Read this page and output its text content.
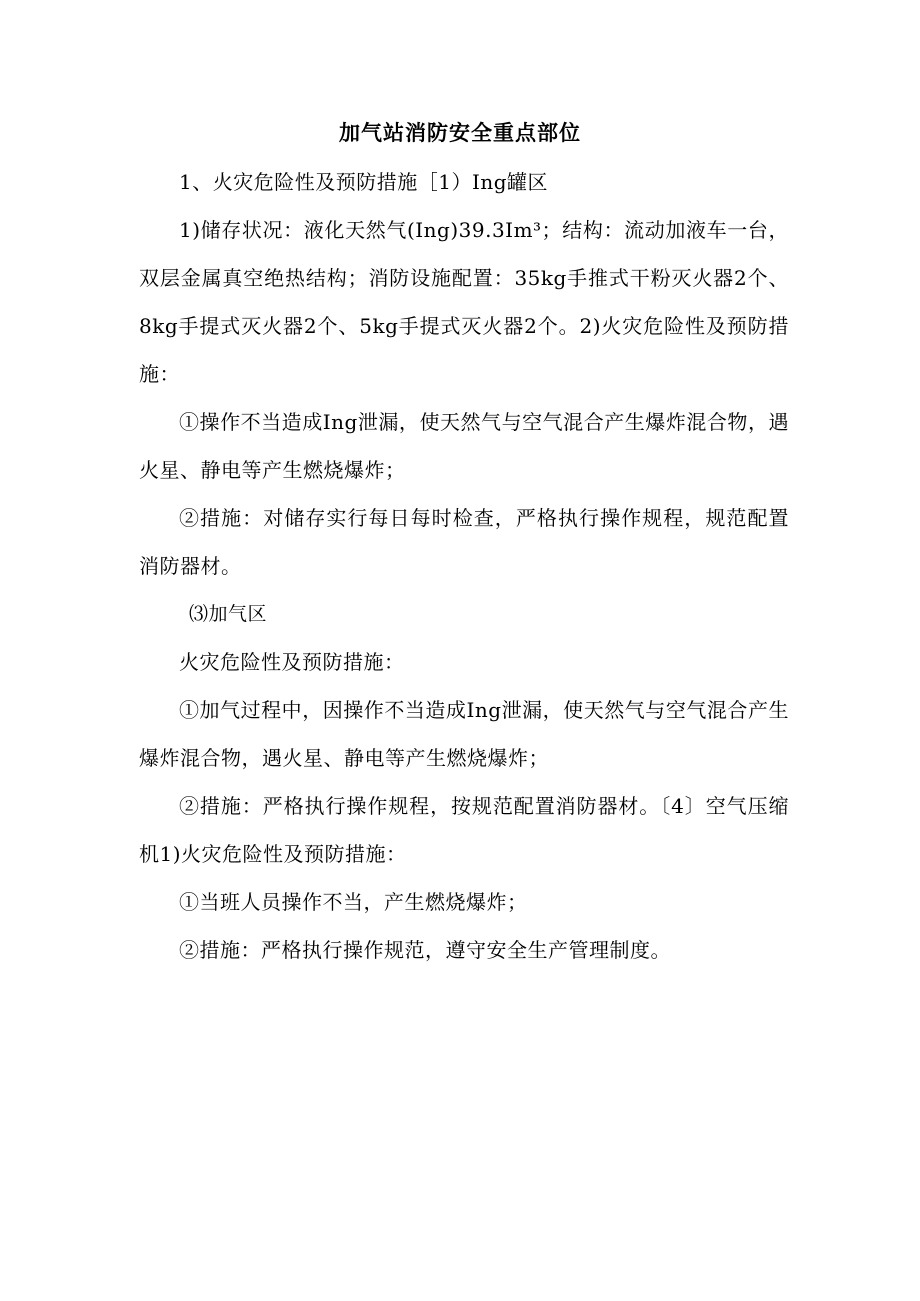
加气站消防安全重点部位

1、火灾危险性及预防措施［1）Ing罐区

1)储存状况：液化天然气(Ing)39.3Im³；结构：流动加液车一台，双层金属真空绝热结构；消防设施配置：35kg手推式干粉灭火器2个、8kg手提式灭火器2个、5kg手提式灭火器2个。2)火灾危险性及预防措施：

①操作不当造成Ing泄漏，使天然气与空气混合产生爆炸混合物，遇火星、静电等产生燃烧爆炸；

②措施：对储存实行每日每时检查，严格执行操作规程，规范配置消防器材。

⑶加气区

火灾危险性及预防措施：

①加气过程中，因操作不当造成Ing泄漏，使天然气与空气混合产生爆炸混合物，遇火星、静电等产生燃烧爆炸；

②措施：严格执行操作规程，按规范配置消防器材。〔4〕空气压缩机1)火灾危险性及预防措施：

①当班人员操作不当，产生燃烧爆炸；

②措施：严格执行操作规范，遵守安全生产管理制度。
